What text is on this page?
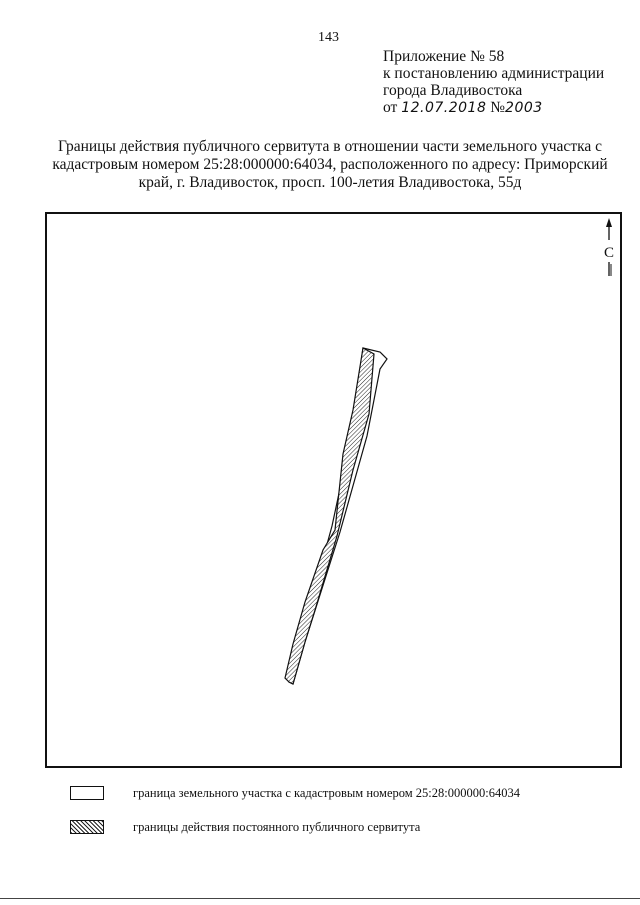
143
Приложение № 58
к постановлению администрации
города Владивостока
от 12.07.2018 №2003
Границы действия публичного сервитута в отношении части земельного участка с кадастровым номером 25:28:000000:64034, расположенного по адресу: Приморский край, г. Владивосток, просп. 100-летия Владивостока, 55д
С
граница земельного участка с кадастровым номером 25:28:000000:64034
границы действия постоянного публичного сервитута
